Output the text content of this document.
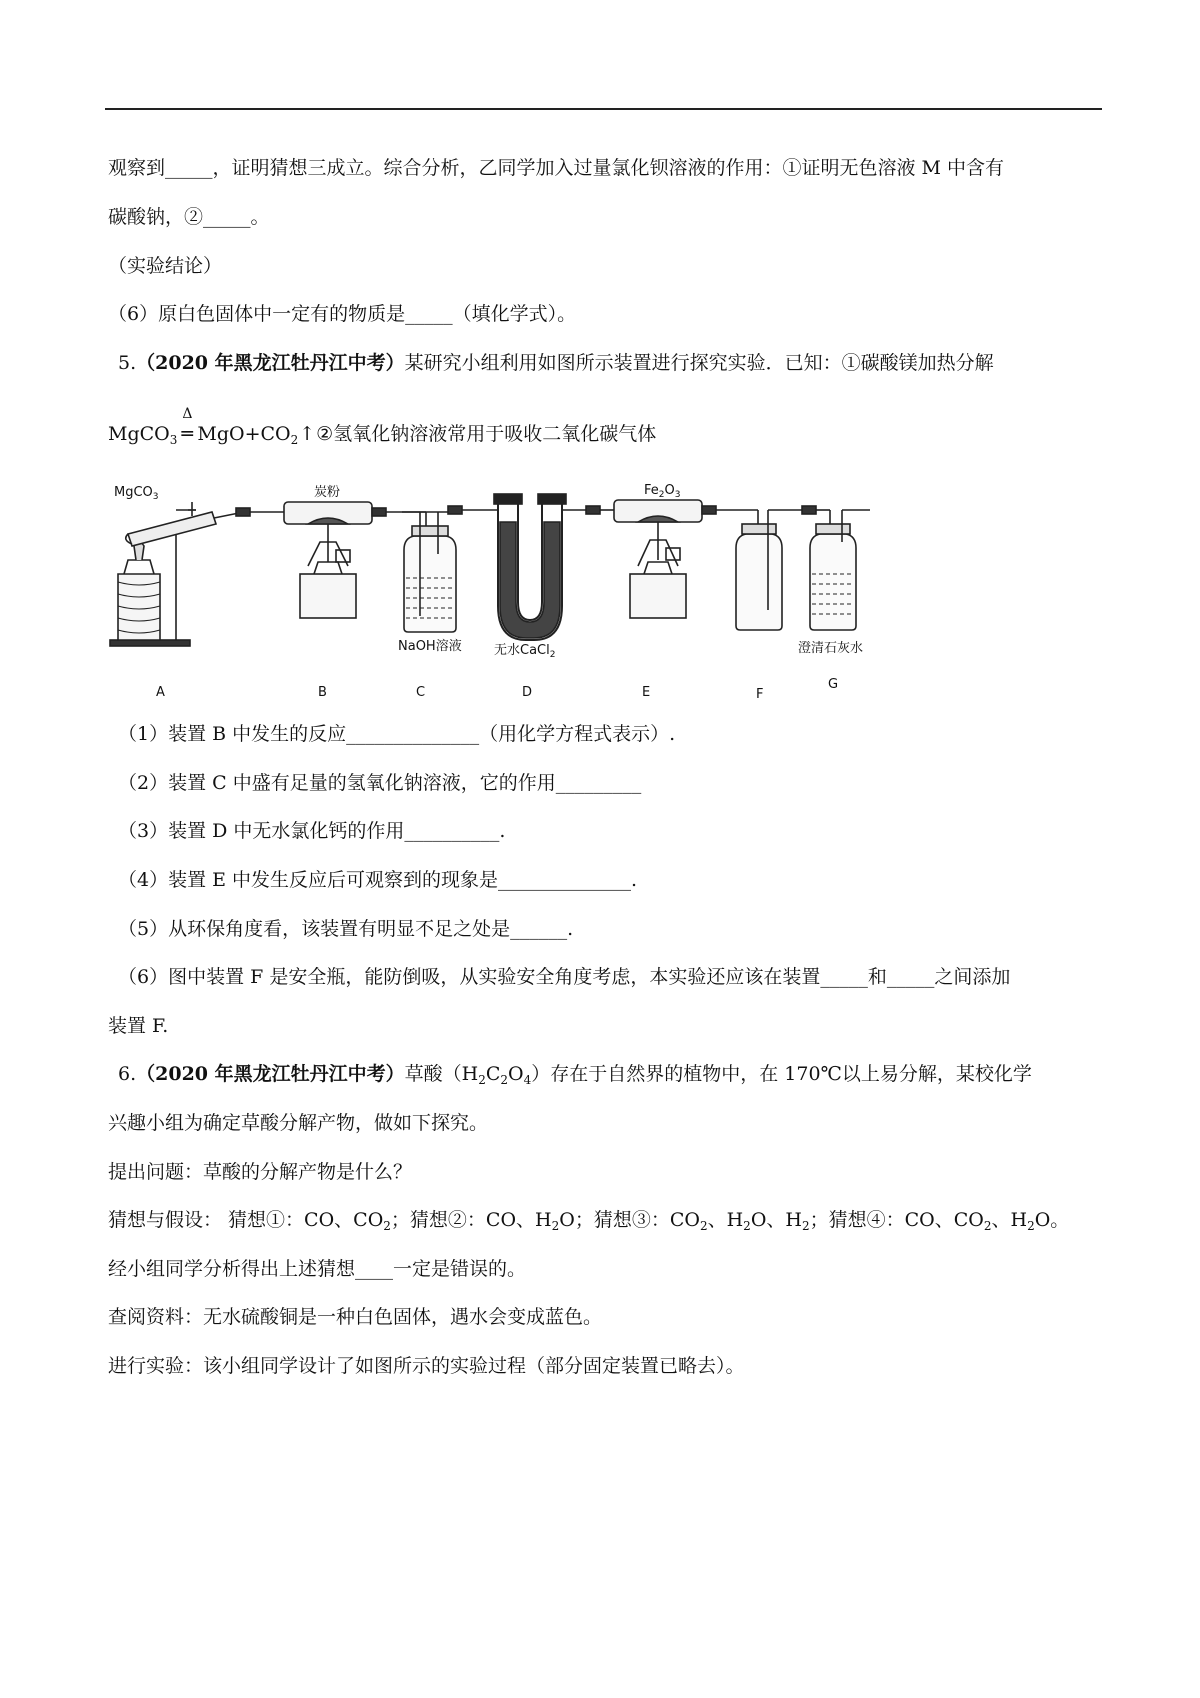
观察到_____，证明猜想三成立。综合分析，乙同学加入过量氯化钡溶液的作用：①证明无色溶液 M 中含有
碳酸钠，②_____。
（实验结论）
（6）原白色固体中一定有的物质是_____（填化学式）。
5.（2020 年黑龙江牡丹江中考）某研究小组利用如图所示装置进行探究实验．已知：①碳酸镁加热分解
MgCO$_3$
Δ
═ $MgO+CO_2↑②$氢氧化钠溶液常用于吸收二氧化碳气体
MgCO$_3$	炭粉	$Fe_2O_3$
NaOH溶液 无水CaCl$_2$	澄清石灰水
A	B	C	D	E	F
G
（1）装置 B 中发生的反应______________（用化学方程式表示）.
（2）装置 C 中盛有足量的氢氧化钠溶液，它的作用_________
（3）装置 D 中无水氯化钙的作用__________.
（4）装置 E 中发生反应后可观察到的现象是______________.
（5）从环保角度看，该装置有明显不足之处是______.
（6）图中装置 F 是安全瓶，能防倒吸，从实验安全角度考虑，本实验还应该在装置_____和_____之间添加
装置 F.
6.（2020 年黑龙江牡丹江中考）草酸$(H_2C_2O_4)$存在于自然界的植物中，在 170℃以上易分解，某校化学
兴趣小组为确定草酸分解产物，做如下探究。
提出问题：草酸的分解产物是什么？
猜想与假设： 猜想①：CO、$CO_2$；猜想②：CO、$H_2O$；猜想③：$CO_2$、$H_2O$、$H_2$；猜想④：CO、$CO_2$、$H_2O$。
经小组同学分析得出上述猜想____一定是错误的。
查阅资料：无水硫酸铜是一种白色固体，遇水会变成蓝色。
进行实验：该小组同学设计了如图所示的实验过程（部分固定装置已略去）。
